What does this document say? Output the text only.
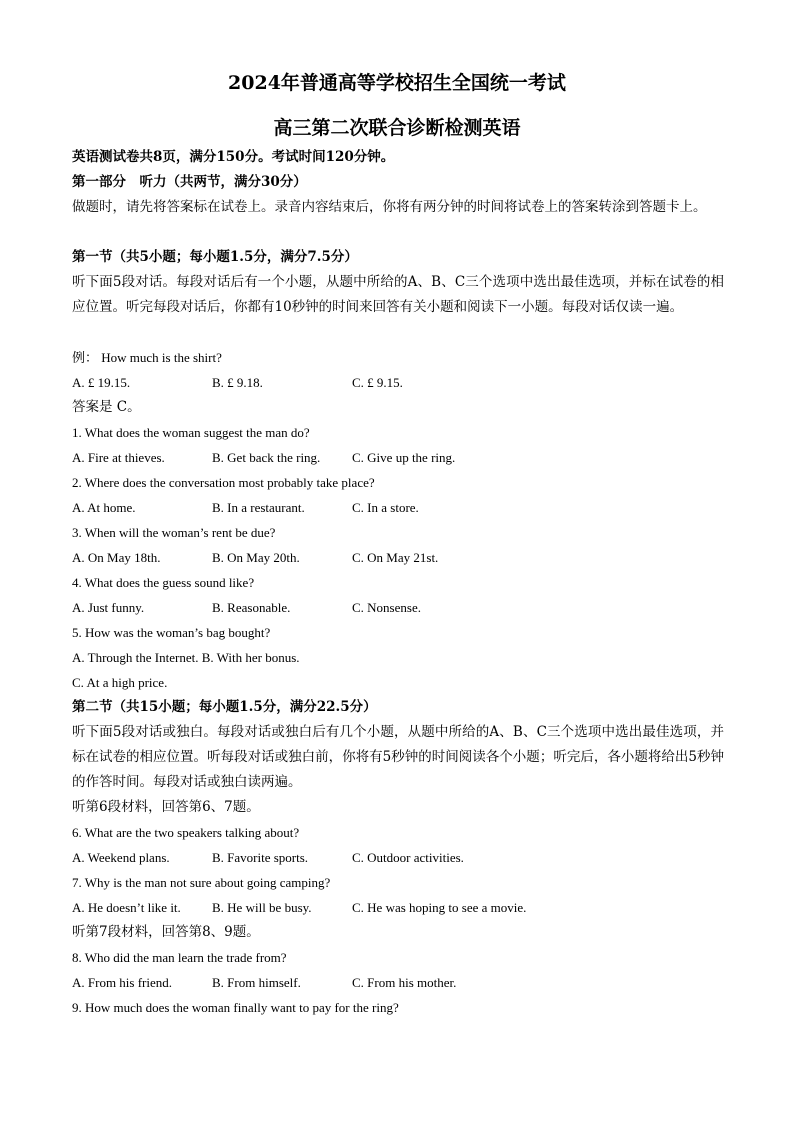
2024年普通高等学校招生全国统一考试
高三第二次联合诊断检测英语
英语测试卷共8页，满分150分。考试时间120分钟。
第一部分　听力（共两节，满分30分）
做题时，请先将答案标在试卷上。录音内容结束后，你将有两分钟的时间将试卷上的答案转涂到答题卡上。
第一节（共5小题；每小题1.5分，满分7.5分）
听下面5段对话。每段对话后有一个小题，从题中所给的A、B、C三个选项中选出最佳选项，并标在试卷的相应位置。听完每段对话后，你都有10秒钟的时间来回答有关小题和阅读下一小题。每段对话仅读一遍。
例： How much is the shirt?
A. £ 19.15.	B. £ 9.18.	C. £ 9.15.
答案是 C。
1. What does the woman suggest the man do?
A. Fire at thieves.	B. Get back the ring. C. Give up the ring.
2. Where does the conversation most probably take place?
A. At home.	B. In a restaurant.	C. In a store.
3. When will the woman’s rent be due?
A. On May 18th.	B. On May 20th.	C. On May 21st.
4. What does the guess sound like?
A. Just funny.	B. Reasonable.	C. Nonsense.
5. How was the woman’s bag bought?
A. Through the Internet. B. With her bonus.
C. At a high price.
第二节（共15小题；每小题1.5分，满分22.5分）
听下面5段对话或独白。每段对话或独白后有几个小题，从题中所给的A、B、C三个选项中选出最佳选项，并标在试卷的相应位置。听每段对话或独白前，你将有5秒钟的时间阅读各个小题；听完后，各小题将给出5秒钟的作答时间。每段对话或独白读两遍。
听第6段材料，回答第6、7题。
6. What are the two speakers talking about?
A. Weekend plans.	B. Favorite sports.	C. Outdoor activities.
7. Why is the man not sure about going camping?
A. He doesn’t like it. B. He will be busy.	C. He was hoping to see a movie.
听第7段材料，回答第8、9题。
8. Who did the man learn the trade from?
A. From his friend.	B. From himself.	C. From his mother.
9. How much does the woman finally want to pay for the ring?
